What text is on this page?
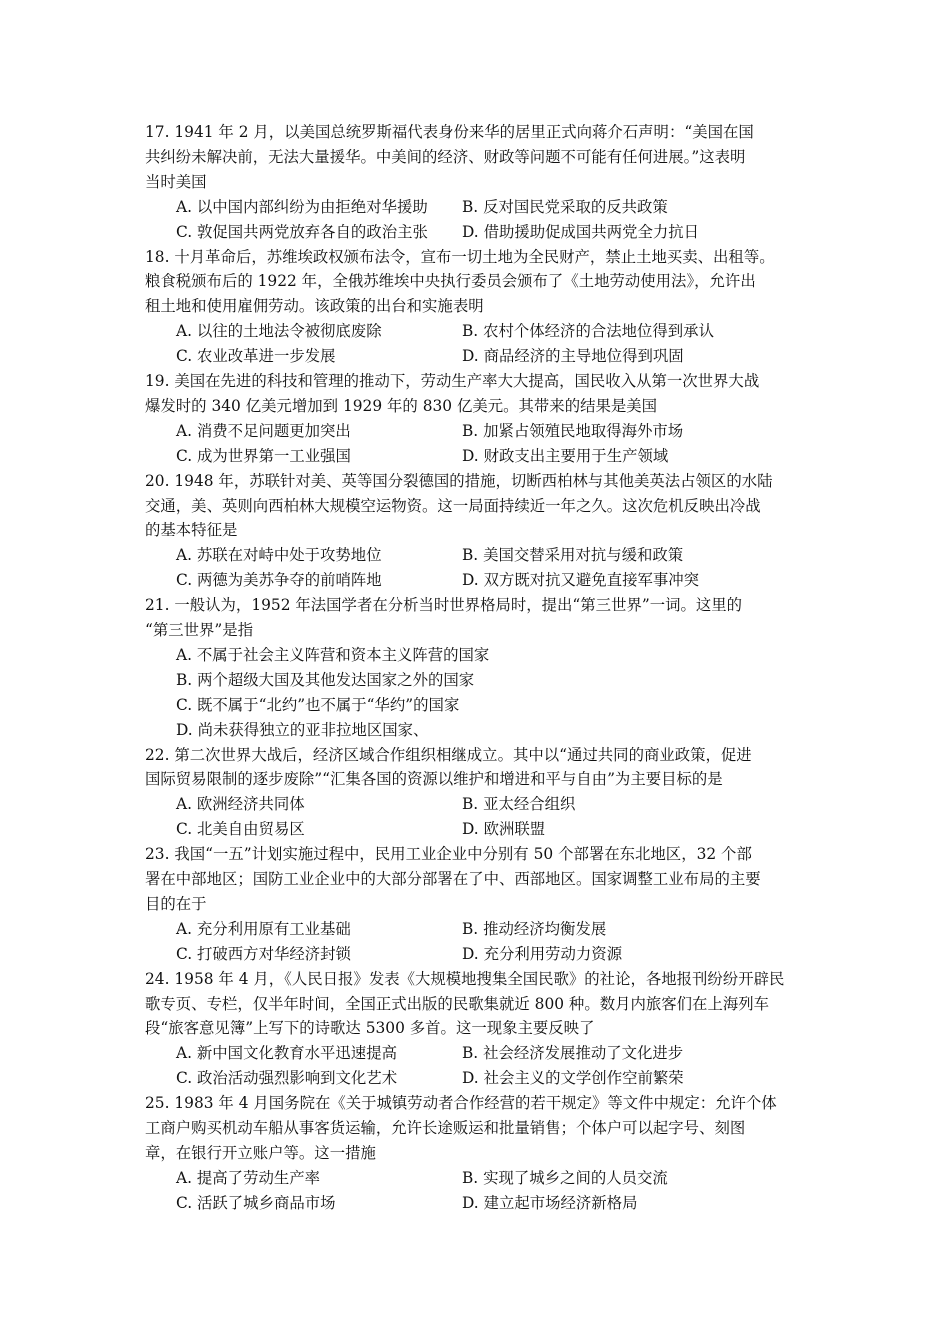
17. 1941 年 2 月，以美国总统罗斯福代表身份来华的居里正式向蒋介石声明：“美国在国
共纠纷未解决前，无法大量援华。中美间的经济、财政等问题不可能有任何进展。”这表明
当时美国
A. 以中国内部纠纷为由拒绝对华援助 B. 反对国民党采取的反共政策
C. 敦促国共两党放弃各自的政治主张 D. 借助援助促成国共两党全力抗日
18. 十月革命后，苏维埃政权颁布法令，宣布一切土地为全民财产，禁止土地买卖、出租等。
粮食税颁布后的 1922 年，全俄苏维埃中央执行委员会颁布了《土地劳动使用法》，允许出
租土地和使用雇佣劳动。该政策的出台和实施表明
A. 以往的土地法令被彻底废除	B. 农村个体经济的合法地位得到承认
C. 农业改革进一步发展	D. 商品经济的主导地位得到巩固
19. 美国在先进的科技和管理的推动下，劳动生产率大大提高，国民收入从第一次世界大战
爆发时的 340 亿美元增加到 1929 年的 830 亿美元。其带来的结果是美国
A. 消费不足问题更加突出	B. 加紧占领殖民地取得海外市场
C. 成为世界第一工业强国	D. 财政支出主要用于生产领域
20. 1948 年，苏联针对美、英等国分裂德国的措施，切断西柏林与其他美英法占领区的水陆
交通，美、英则向西柏林大规模空运物资。这一局面持续近一年之久。这次危机反映出冷战
的基本特征是
A. 苏联在对峙中处于攻势地位	B. 美国交替采用对抗与缓和政策
C. 两德为美苏争夺的前哨阵地	D. 双方既对抗又避免直接军事冲突
21. 一般认为，1952 年法国学者在分析当时世界格局时，提出“第三世界”一词。这里的
“第三世界”是指
A. 不属于社会主义阵营和资本主义阵营的国家
B. 两个超级大国及其他发达国家之外的国家
C. 既不属于“北约”也不属于“华约”的国家
D. 尚未获得独立的亚非拉地区国家、
22. 第二次世界大战后，经济区域合作组织相继成立。其中以“通过共同的商业政策，促进
国际贸易限制的逐步废除”“汇集各国的资源以维护和增进和平与自由”为主要目标的是
A. 欧洲经济共同体	B. 亚太经合组织
C. 北美自由贸易区	D. 欧洲联盟
23. 我国“一五”计划实施过程中，民用工业企业中分别有 50 个部署在东北地区，32 个部
署在中部地区；国防工业企业中的大部分部署在了中、西部地区。国家调整工业布局的主要
目的在于
A. 充分利用原有工业基础	B. 推动经济均衡发展
C. 打破西方对华经济封锁	D. 充分利用劳动力资源
24. 1958 年 4 月，《人民日报》发表《大规模地搜集全国民歌》的社论，各地报刊纷纷开辟民
歌专页、专栏，仅半年时间，全国正式出版的民歌集就近 800 种。数月内旅客们在上海列车
段“旅客意见簿”上写下的诗歌达 5300 多首。这一现象主要反映了
A. 新中国文化教育水平迅速提高	B. 社会经济发展推动了文化进步
C. 政治活动强烈影响到文化艺术	D. 社会主义的文学创作空前繁荣
25. 1983 年 4 月国务院在《关于城镇劳动者合作经营的若干规定》等文件中规定：允许个体
工商户购买机动车船从事客货运输，允许长途贩运和批量销售；个体户可以起字号、刻图
章，在银行开立账户等。这一措施
A. 提高了劳动生产率	B. 实现了城乡之间的人员交流
C. 活跃了城乡商品市场	D. 建立起市场经济新格局
